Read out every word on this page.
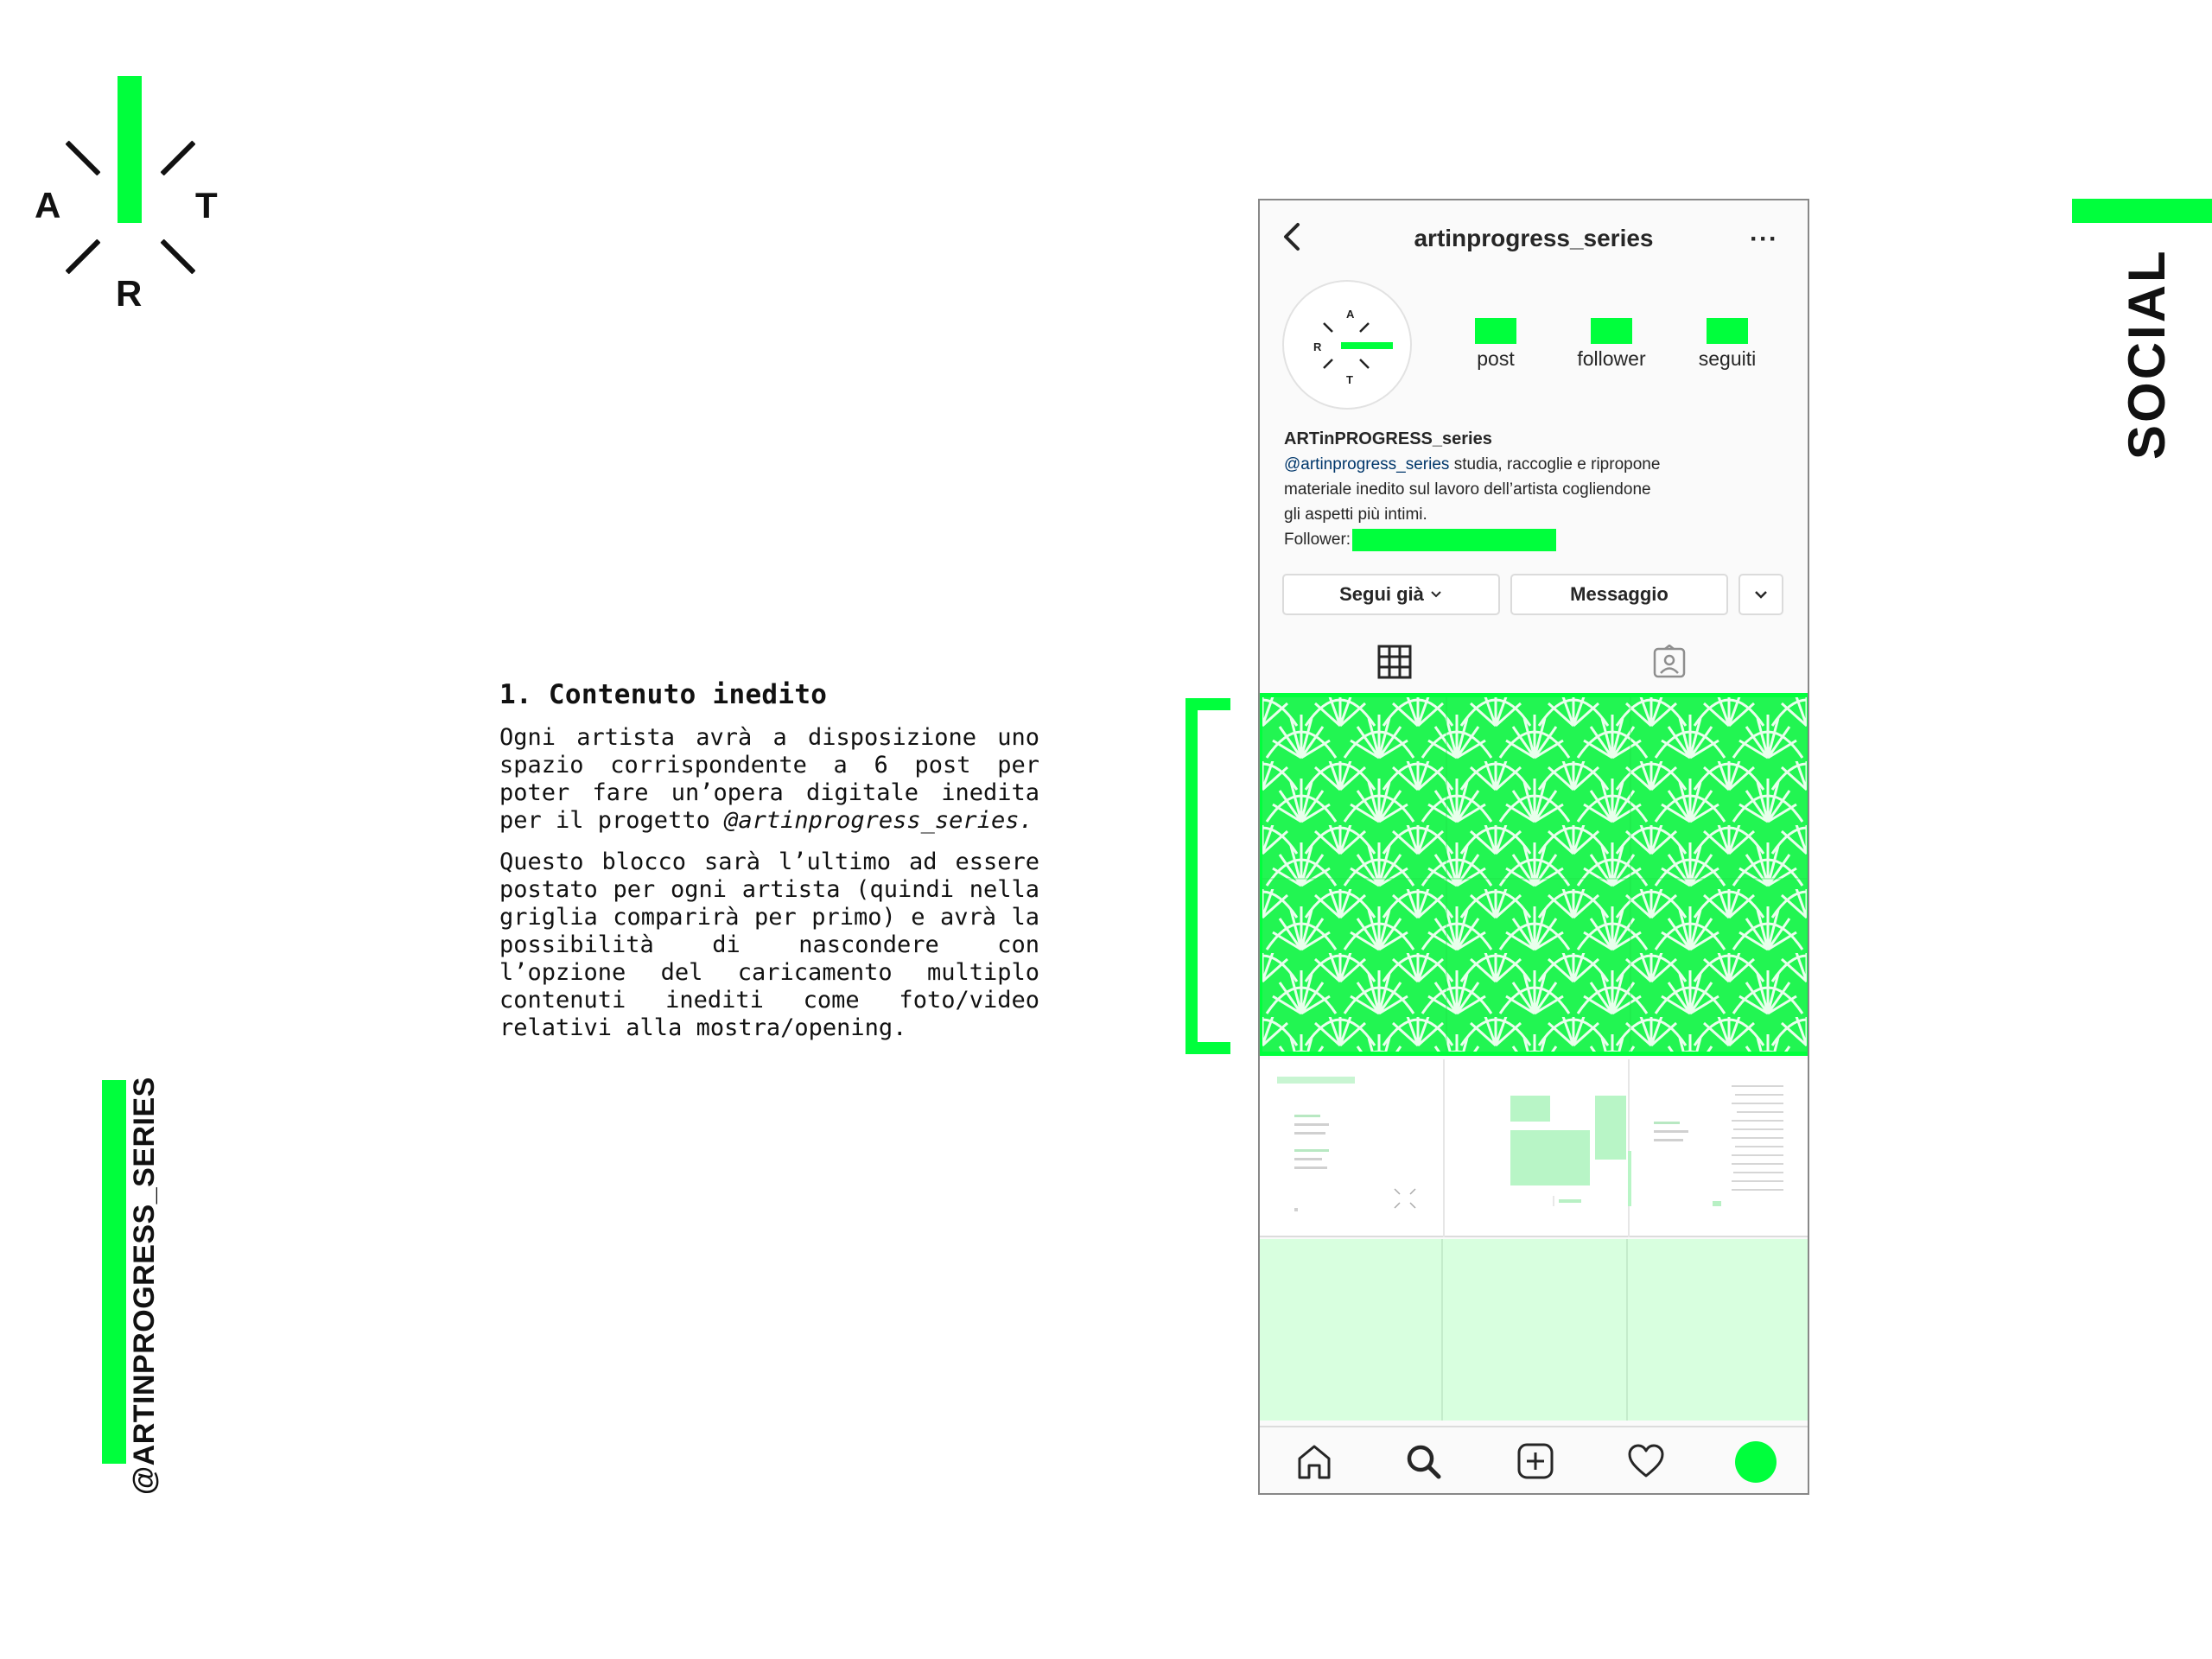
A	T
R
@ARTINPROGRESS_SERIES
SOCIAL
1. Contenuto inedito

Ogni artista avrà a disposizione uno spazio corrispondente a 6 post per poter fare un’opera digitale inedita per il progetto @artinprogress_series.

Questo blocco sarà l’ultimo ad essere postato per ogni artista (quindi nella griglia comparirà per primo) e avrà la possibilità di nascondere con l’opzione del caricamento multiplo contenuti inediti come foto/video relativi alla mostra/opening.

artinprogress_series	···
A
R
T
post	follower	seguiti
ARTinPROGRESS_series
@artinprogress_series studia, raccoglie e ripropone
materiale inedito sul lavoro dell’artista cogliendone
gli aspetti più intimi.
Follower:
Segui già	Messaggio
